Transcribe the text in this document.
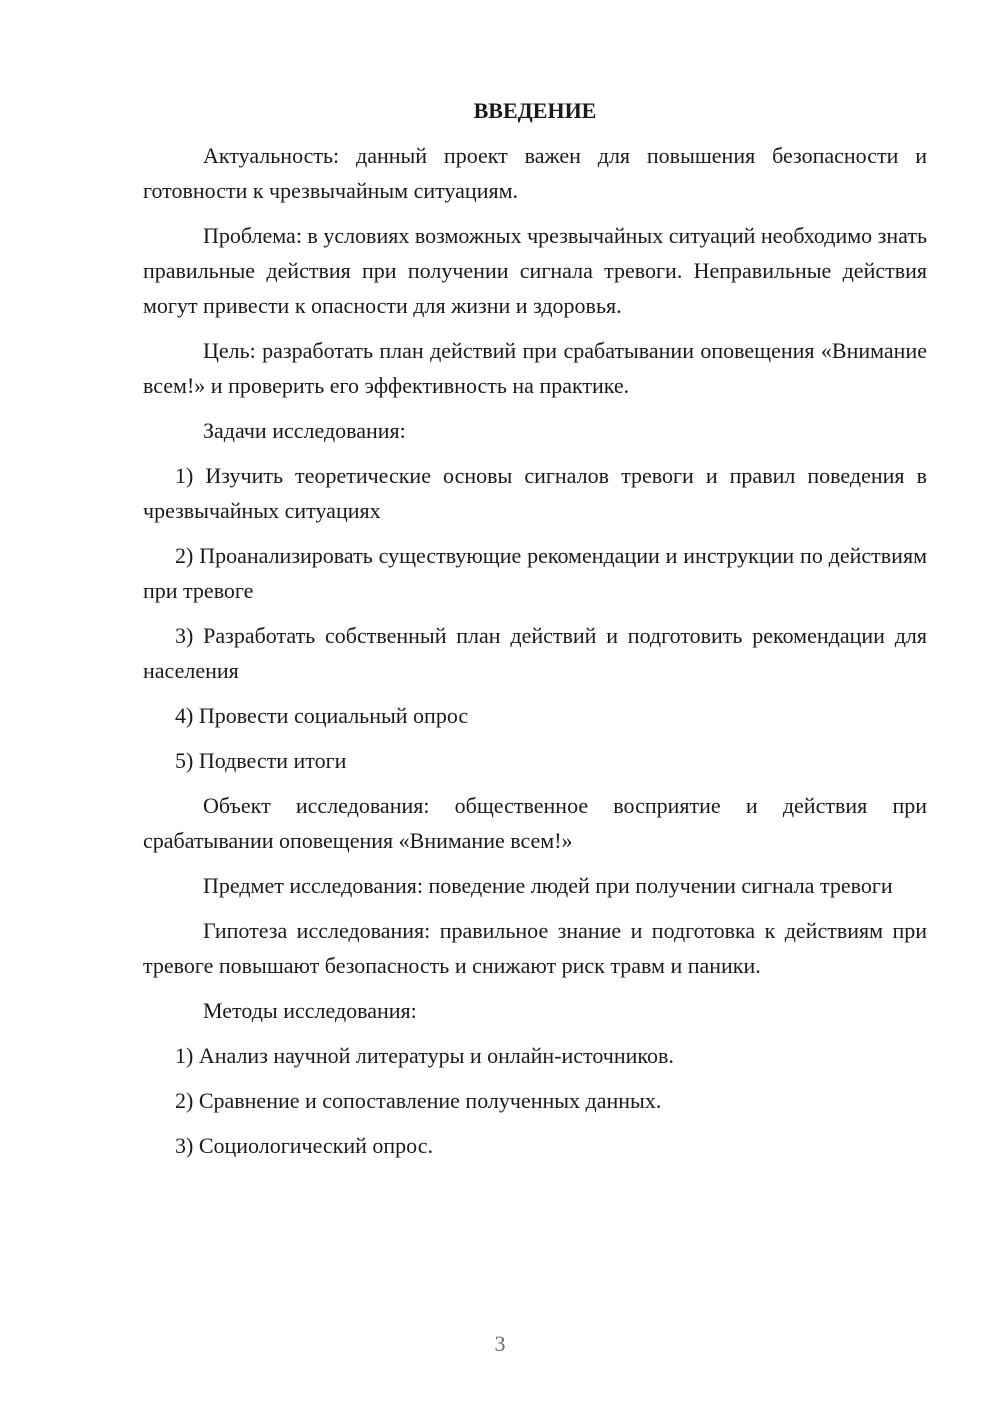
ВВЕДЕНИЕ

Актуальность: данный проект важен для повышения безопасности и готовности к чрезвычайным ситуациям.

Проблема: в условиях возможных чрезвычайных ситуаций необходимо знать правильные действия при получении сигнала тревоги. Неправильные действия могут привести к опасности для жизни и здоровья.

Цель: разработать план действий при срабатывании оповещения «Внимание всем!» и проверить его эффективность на практике.

Задачи исследования:

1) Изучить теоретические основы сигналов тревоги и правил поведения в чрезвычайных ситуациях

2) Проанализировать существующие рекомендации и инструкции по действиям при тревоге

3) Разработать собственный план действий и подготовить рекомендации для населения

4) Провести социальный опрос

5) Подвести итоги

Объект исследования: общественное восприятие и действия при срабатывании оповещения «Внимание всем!»

Предмет исследования: поведение людей при получении сигнала тревоги

Гипотеза исследования: правильное знание и подготовка к действиям при тревоге повышают безопасность и снижают риск травм и паники.

Методы исследования:

1) Анализ научной литературы и онлайн-источников.

2) Сравнение и сопоставление полученных данных.

3) Социологический опрос.

3
